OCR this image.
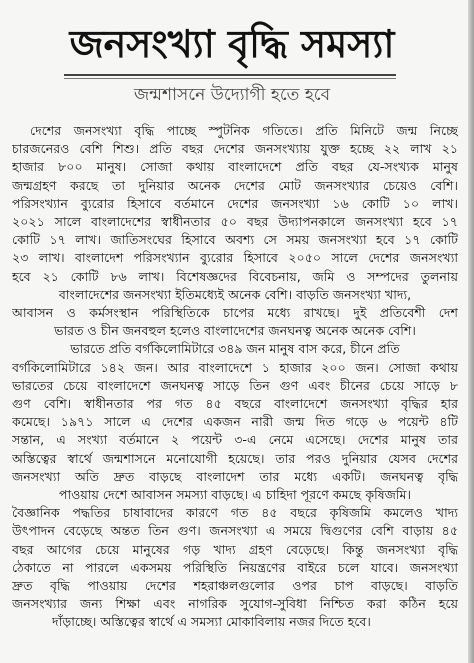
জনসংখ্যা বৃদ্ধি সমস্যা
জন্মশাসনে উদ্যোগী হতে হবে
দেশের জনসংখ্যা বৃদ্ধি পাচ্ছে স্পুটনিক গতিতে। প্রতি মিনিটে জন্ম নিচ্ছে
চারজনেরও বেশি শিশু। প্রতি বছর দেশের জনসংখ্যায় যুক্ত হচ্ছে ২২ লাখ ২১
হাজার ৮০০ মানুষ। সোজা কথায় বাংলাদেশে প্রতি বছর যে-সংখ্যক মানুষ
জন্মগ্রহণ করছে তা দুনিয়ার অনেক দেশের মোট জনসংখ্যার চেয়েও বেশি।
পরিসংখ্যান ব্যুরোর হিসাবে বর্তমানে দেশের জনসংখ্যা ১৬ কোটি ১০ লাখ।
২০২১ সালে বাংলাদেশের স্বাধীনতার ৫০ বছর উদ্যাপনকালে জনসংখ্যা হবে ১৭
কোটি ১৭ লাখ। জাতিসংঘের হিসাবে অবশ্য সে সময় জনসংখ্যা হবে ১৭ কোটি
২৩ লাখ। বাংলাদেশ পরিসংখ্যান ব্যুরোর হিসাবে ২০৫০ সালে দেশের জনসংখ্যা
হবে ২১ কোটি ৮৬ লাখ। বিশেষজ্ঞদের বিবেচনায়, জমি ও সম্পদের তুলনায়
বাংলাদেশের জনসংখ্যা ইতিমধ্যেই অনেক বেশি। বাড়তি জনসংখ্যা খাদ্য,
আবাসন ও কর্মসংস্থান পরিস্থিতিকে চাপের মধ্যে রাখছে। দুই প্রতিবেশী দেশ
ভারত ও চীন জনবহুল হলেও বাংলাদেশের জনঘনত্ব অনেক অনেক বেশি।
ভারতে প্রতি বর্গকিলোমিটারে ৩৪৯ জন মানুষ বাস করে, চীনে প্রতি
বর্গকিলোমিটারে ১৪২ জন। আর বাংলাদেশে ১ হাজার ২০০ জন। সোজা কথায়
ভারতের চেয়ে বাংলাদেশে জনঘনত্ব সাড়ে তিন গুণ এবং চীনের চেয়ে সাড়ে ৮
গুণ বেশি। স্বাধীনতার পর গত ৪৫ বছরে বাংলাদেশে জনসংখ্যা বৃদ্ধির হার
কমেছে। ১৯৭১ সালে এ দেশের একজন নারী জন্ম দিত গড়ে ৬ পয়েন্ট ৪টি
সন্তান, এ সংখ্যা বর্তমানে ২ পয়েন্ট ৩-এ নেমে এসেছে। দেশের মানুষ তার
অস্তিত্বের স্বার্থে জন্মশাসনে মনোযোগী হয়েছে। তার পরও দুনিয়ার যেসব দেশের
জনসংখ্যা অতি দ্রুত বাড়ছে বাংলাদেশ তার মধ্যে একটি। জনঘনত্ব বৃদ্ধি
পাওয়ায় দেশে আবাসন সমস্যা বাড়ছে। এ চাহিদা পূরণে কমছে কৃষিজমি।
বৈজ্ঞানিক পদ্ধতির চাষাবাদের কারণে গত ৪৫ বছরে কৃষিজমি কমলেও খাদ্য
উৎপাদন বেড়েছে অন্তত তিন গুণ। জনসংখ্যা এ সময়ে দ্বিগুণের বেশি বাড়ায় ৪৫
বছর আগের চেয়ে মানুষের গড় খাদ্য গ্রহণ বেড়েছে। কিন্তু জনসংখ্যা বৃদ্ধি
ঠেকাতে না পারলে একসময় পরিস্থিতি নিয়ন্ত্রণের বাইরে চলে যাবে। জনসংখ্যা
দ্রুত বৃদ্ধি পাওয়ায় দেশের শহরাঞ্চলগুলোর ওপর চাপ বাড়ছে। বাড়তি
জনসংখ্যার জন্য শিক্ষা এবং নাগরিক সুযোগ-সুবিধা নিশ্চিত করা কঠিন হয়ে
দাঁড়াচ্ছে। অস্তিত্বের স্বার্থে এ সমস্যা মোকাবিলায় নজর দিতে হবে।
